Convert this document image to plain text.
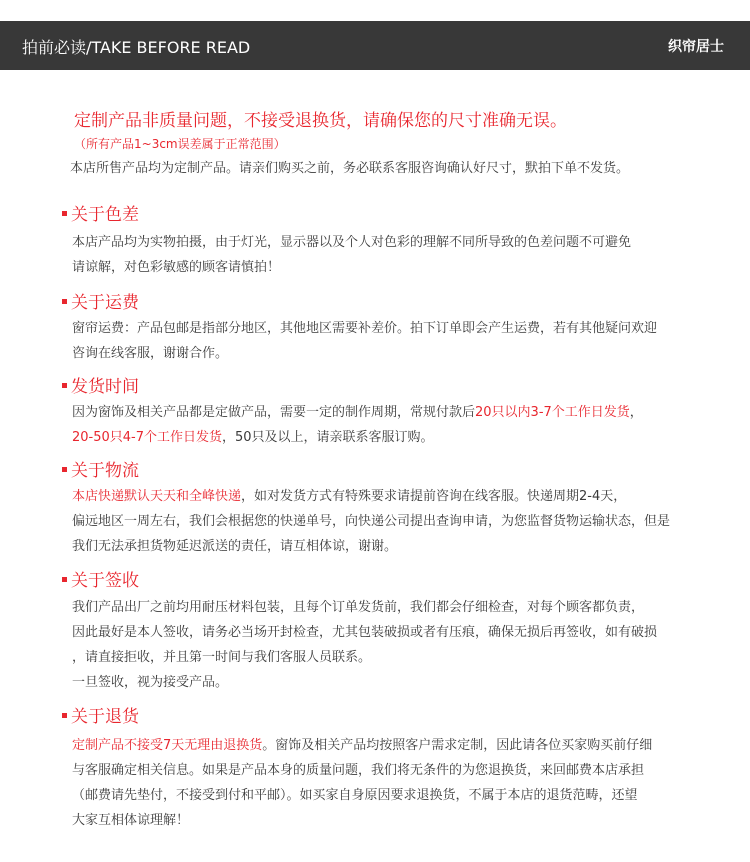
拍前必读/TAKE BEFORE READ	织帘居士
定制产品非质量问题，不接受退换货，请确保您的尺寸准确无误。
（所有产品1~3cm误差属于正常范围）
本店所售产品均为定制产品。请亲们购买之前，务必联系客服咨询确认好尺寸，默拍下单不发货。
关于色差
本店产品均为实物拍摄，由于灯光，显示器以及个人对色彩的理解不同所导致的色差问题不可避免
请谅解，对色彩敏感的顾客请慎拍！
关于运费
窗帘运费：产品包邮是指部分地区，其他地区需要补差价。拍下订单即会产生运费，若有其他疑问欢迎
咨询在线客服，谢谢合作。
发货时间
因为窗饰及相关产品都是定做产品，需要一定的制作周期，常规付款后20只以内3-7个工作日发货，
20-50只4-7个工作日发货，50只及以上，请亲联系客服订购。
关于物流
本店快递默认天天和全峰快递，如对发货方式有特殊要求请提前咨询在线客服。快递周期2-4天，
偏远地区一周左右，我们会根据您的快递单号，向快递公司提出查询申请，为您监督货物运输状态，但是
我们无法承担货物延迟派送的责任，请互相体谅，谢谢。
关于签收
我们产品出厂之前均用耐压材料包装，且每个订单发货前，我们都会仔细检查，对每个顾客都负责，
因此最好是本人签收，请务必当场开封检查，尤其包装破损或者有压痕，确保无损后再签收，如有破损
，请直接拒收，并且第一时间与我们客服人员联系。
一旦签收，视为接受产品。
关于退货
定制产品不接受7天无理由退换货。窗饰及相关产品均按照客户需求定制，因此请各位买家购买前仔细
与客服确定相关信息。如果是产品本身的质量问题，我们将无条件的为您退换货，来回邮费本店承担
（邮费请先垫付，不接受到付和平邮）。如买家自身原因要求退换货，不属于本店的退货范畴，还望
大家互相体谅理解！
